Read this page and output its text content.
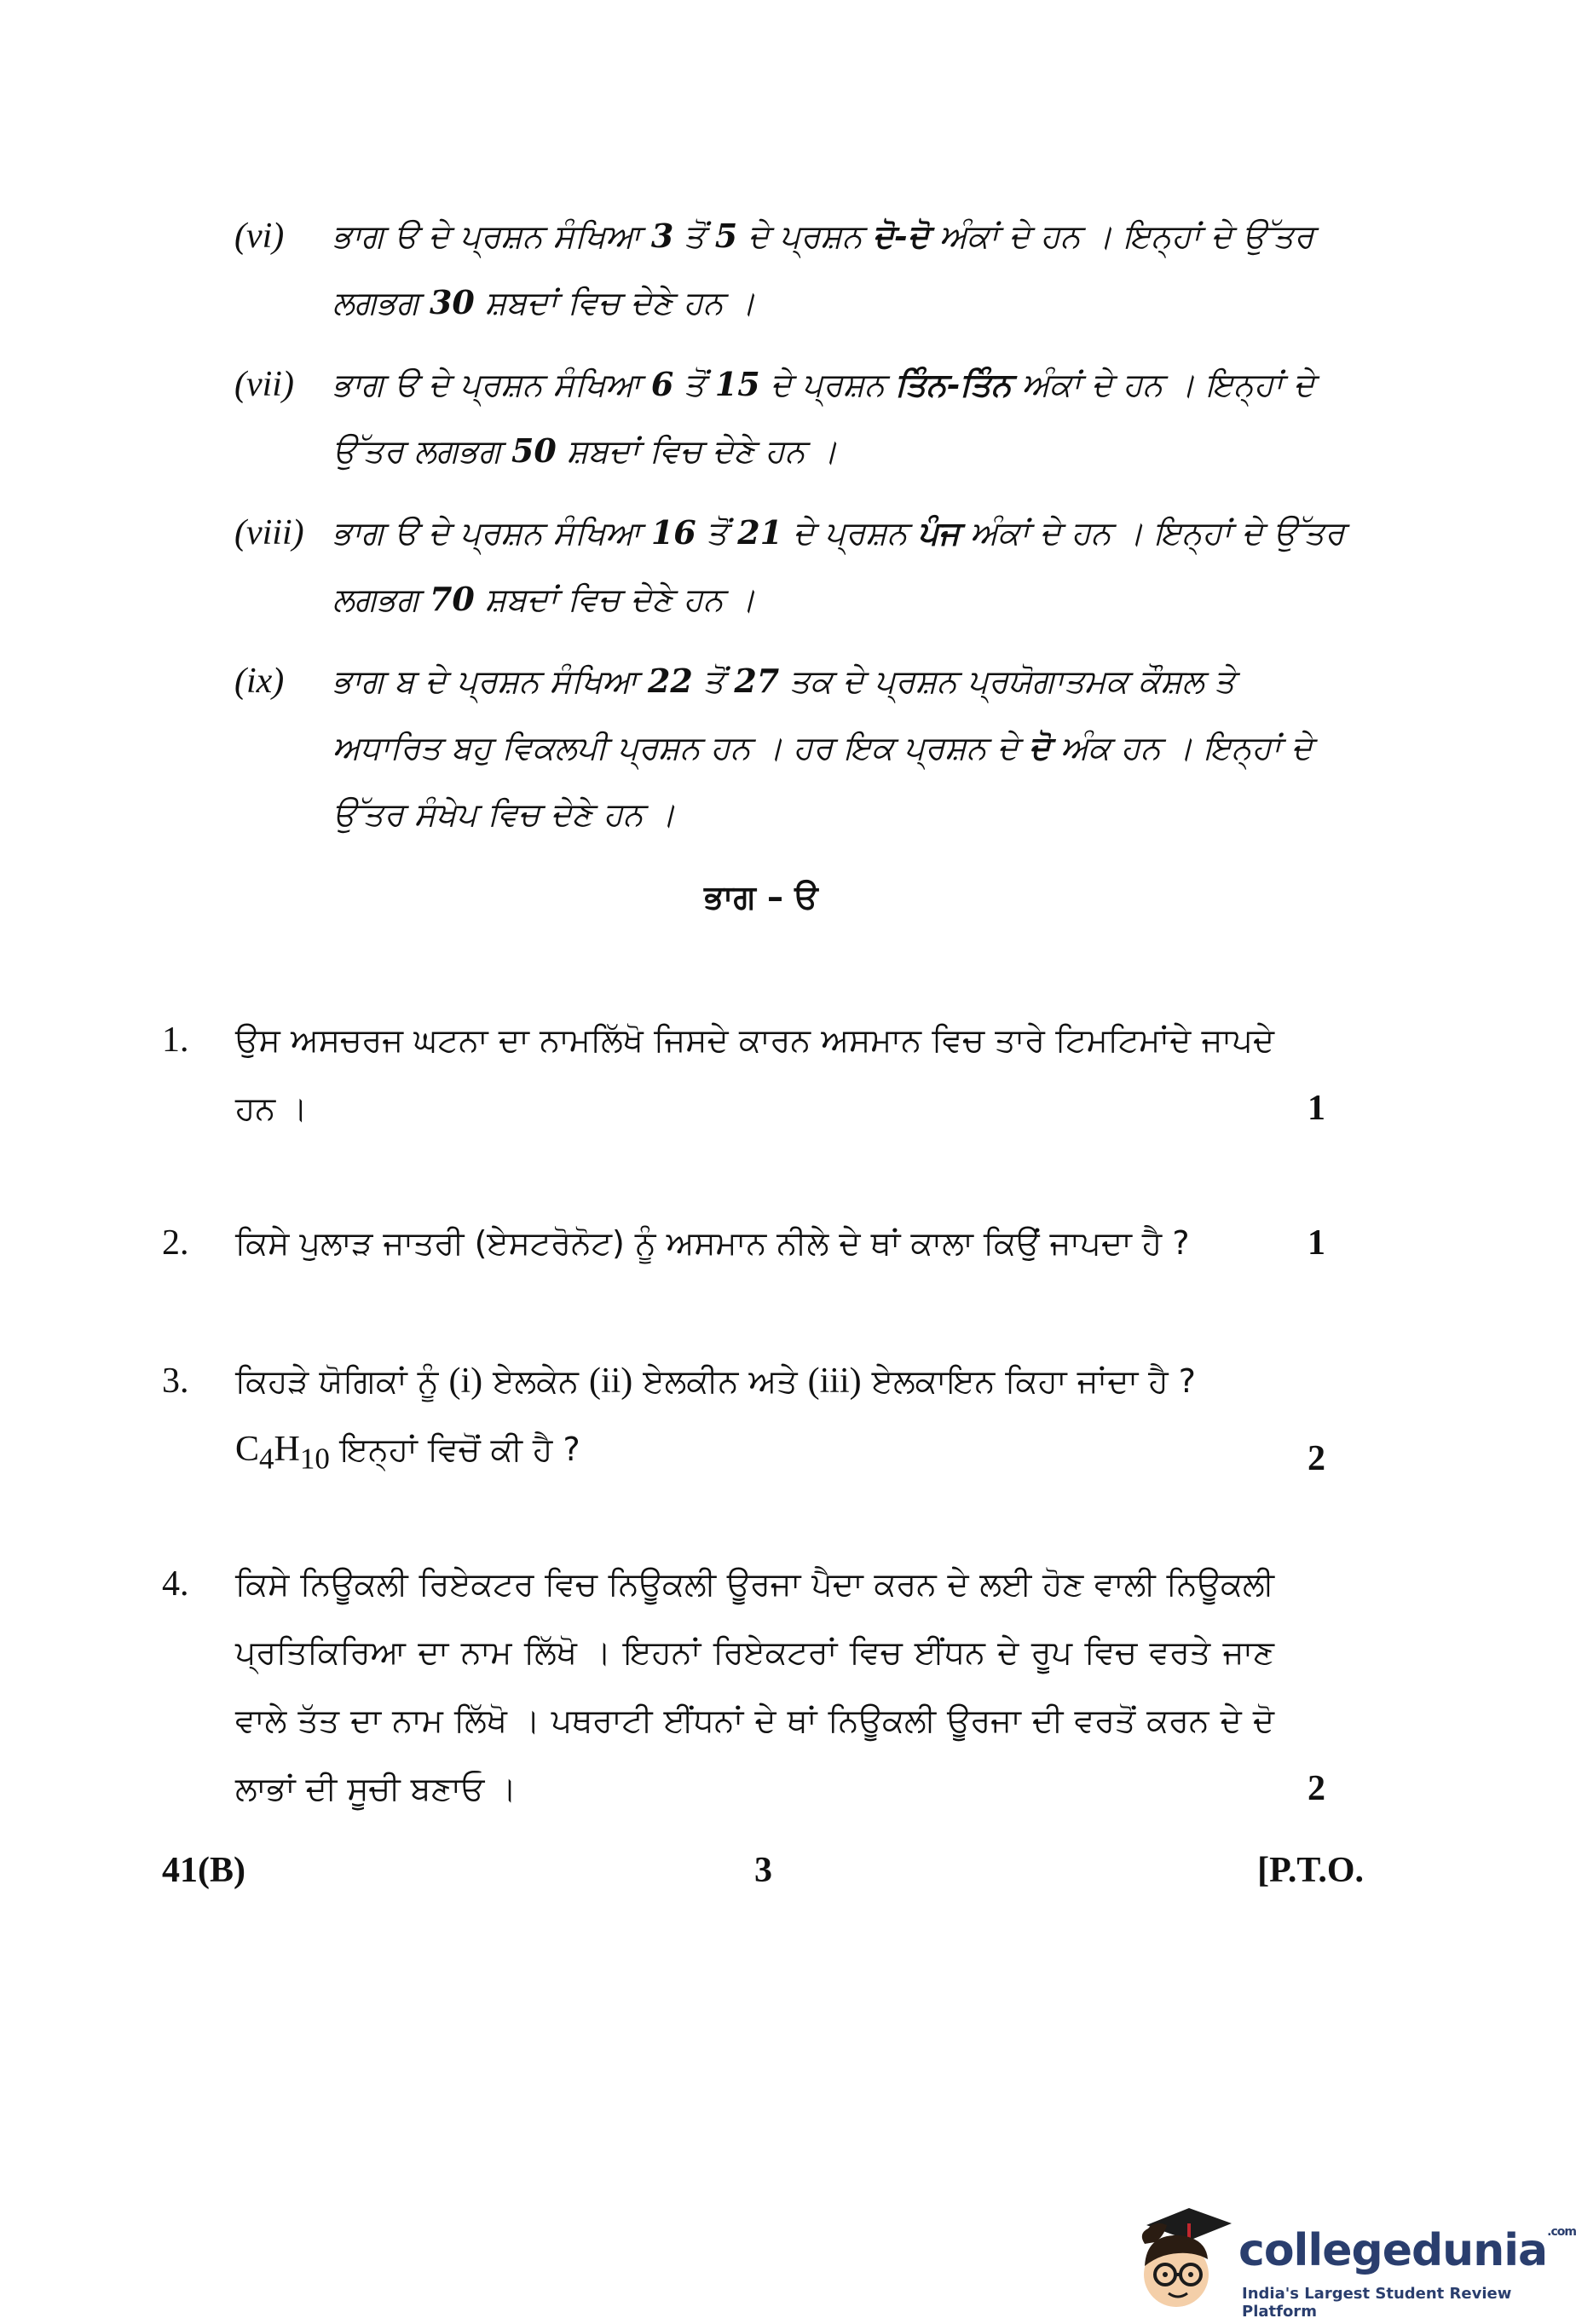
(vi) ਭਾਗ ੳ ਦੇ ਪ੍ਰਸ਼ਨ ਸੰਖਿਆ 3 ਤੋਂ 5 ਦੇ ਪ੍ਰਸ਼ਨ ਦੋ-ਦੋ ਅੰਕਾਂ ਦੇ ਹਨ । ਇਨ੍ਹਾਂ ਦੇ ਉੱਤਰ ਲਗਭਗ 30 ਸ਼ਬਦਾਂ ਵਿਚ ਦੇਣੇ ਹਨ ।
(vii) ਭਾਗ ੳ ਦੇ ਪ੍ਰਸ਼ਨ ਸੰਖਿਆ 6 ਤੋਂ 15 ਦੇ ਪ੍ਰਸ਼ਨ ਤਿੰਨ-ਤਿੰਨ ਅੰਕਾਂ ਦੇ ਹਨ । ਇਨ੍ਹਾਂ ਦੇ ਉੱਤਰ ਲਗਭਗ 50 ਸ਼ਬਦਾਂ ਵਿਚ ਦੇਣੇ ਹਨ ।
(viii) ਭਾਗ ੳ ਦੇ ਪ੍ਰਸ਼ਨ ਸੰਖਿਆ 16 ਤੋਂ 21 ਦੇ ਪ੍ਰਸ਼ਨ ਪੰਜ ਅੰਕਾਂ ਦੇ ਹਨ । ਇਨ੍ਹਾਂ ਦੇ ਉੱਤਰ ਲਗਭਗ 70 ਸ਼ਬਦਾਂ ਵਿਚ ਦੇਣੇ ਹਨ ।
(ix) ਭਾਗ ਬ ਦੇ ਪ੍ਰਸ਼ਨ ਸੰਖਿਆ 22 ਤੋਂ 27 ਤਕ ਦੇ ਪ੍ਰਸ਼ਨ ਪ੍ਰਯੋਗਾਤਮਕ ਕੌਸ਼ਲ ਤੇ ਅਧਾਰਿਤ ਬਹੁ ਵਿਕਲਪੀ ਪ੍ਰਸ਼ਨ ਹਨ । ਹਰ ਇਕ ਪ੍ਰਸ਼ਨ ਦੇ ਦੋ ਅੰਕ ਹਨ । ਇਨ੍ਹਾਂ ਦੇ ਉੱਤਰ ਸੰਖੇਪ ਵਿਚ ਦੇਣੇ ਹਨ ।
ਭਾਗ – ੳ
1. ਉਸ ਅਸਚਰਜ ਘਟਨਾ ਦਾ ਨਾਮਲਿੱਖੋ ਜਿਸਦੇ ਕਾਰਨ ਅਸਮਾਨ ਵਿਚ ਤਾਰੇ ਟਿਮਟਿਮਾਂਦੇ ਜਾਪਦੇ ਹਨ ।	1
2. ਕਿਸੇ ਪੁਲਾੜ ਜਾਤਰੀ (ਏਸਟਰੋਨੋਟ) ਨੂੰ ਅਸਮਾਨ ਨੀਲੇ ਦੇ ਥਾਂ ਕਾਲਾ ਕਿਉਂ ਜਾਪਦਾ ਹੈ ?	1
3. ਕਿਹੜੇ ਯੋਗਿਕਾਂ ਨੂੰ (i) ਏਲਕੇਨ (ii) ਏਲਕੀਨ ਅਤੇ (iii) ਏਲਕਾਇਨ ਕਿਹਾ ਜਾਂਦਾ ਹੈ ?
$C_4H_{10}$ ਇਨ੍ਹਾਂ ਵਿਚੋਂ ਕੀ ਹੈ ?	2
4. ਕਿਸੇ ਨਿਊਕਲੀ ਰਿਏਕਟਰ ਵਿਚ ਨਿਊਕਲੀ ਊਰਜਾ ਪੈਦਾ ਕਰਨ ਦੇ ਲਈ ਹੋਣ ਵਾਲੀ ਨਿਊਕਲੀ ਪ੍ਰਤਿਕਿਰਿਆ ਦਾ ਨਾਮ ਲਿੱਖੋ । ਇਹਨਾਂ ਰਿਏਕਟਰਾਂ ਵਿਚ ਈਂਧਨ ਦੇ ਰੂਪ ਵਿਚ ਵਰਤੇ ਜਾਣ ਵਾਲੇ ਤੱਤ ਦਾ ਨਾਮ ਲਿੱਖੋ । ਪਥਰਾਟੀ ਈਂਧਨਾਂ ਦੇ ਥਾਂ ਨਿਊਕਲੀ ਊਰਜਾ ਦੀ ਵਰਤੋਂ ਕਰਨ ਦੇ ਦੋ ਲਾਭਾਂ ਦੀ ਸੂਚੀ ਬਣਾਓ ।	2
41(B)	3	[P.T.O.
collegedunia$^{.com}$
India's Largest Student Review Platform
